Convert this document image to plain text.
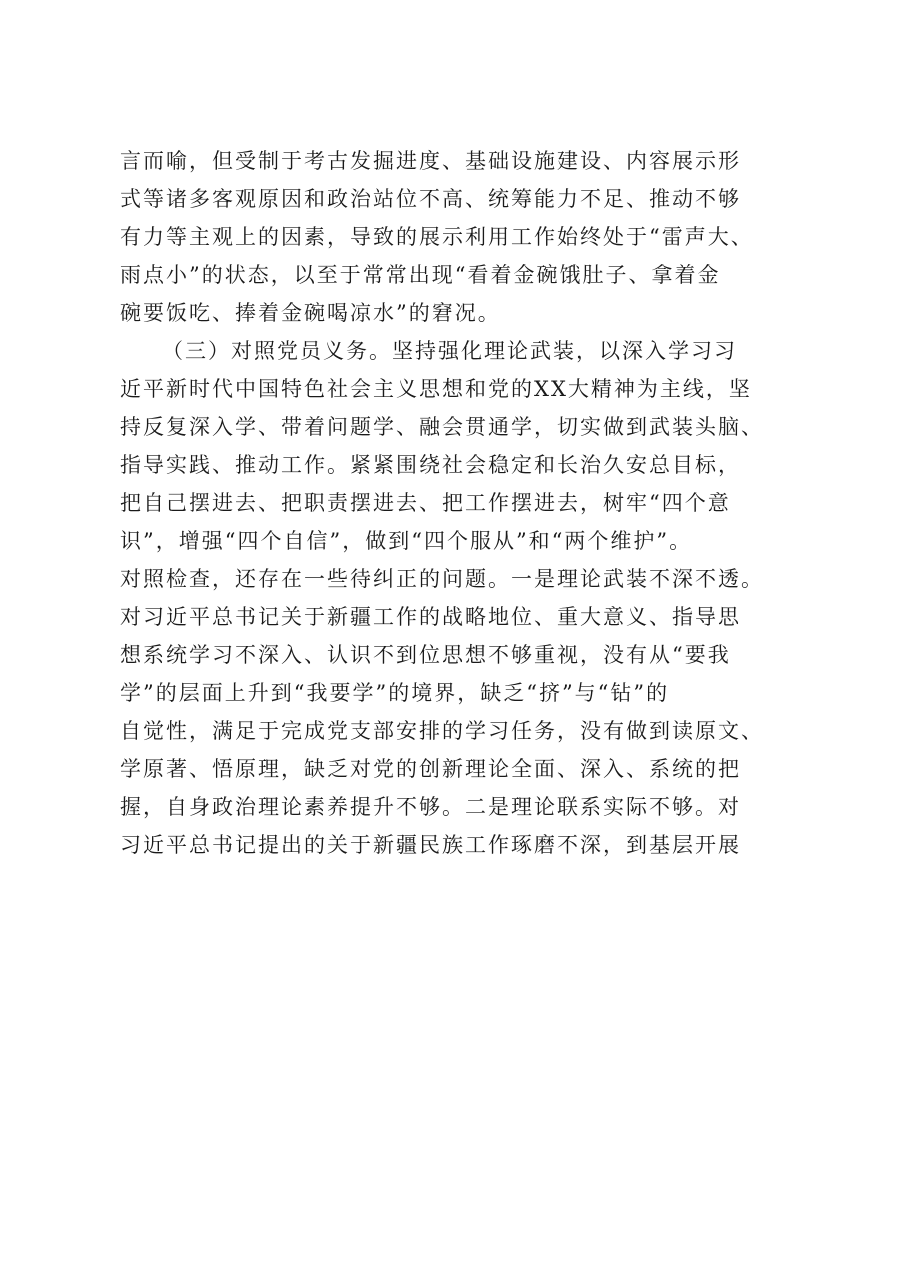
言而喻，但受制于考古发掘进度、基础设施建设、内容展示形
式等诸多客观原因和政治站位不高、统筹能力不足、推动不够
有力等主观上的因素，导致的展示利用工作始终处于“雷声大、
雨点小”的状态，以至于常常出现“看着金碗饿肚子、拿着金
碗要饭吃、捧着金碗喝凉水”的窘况。
（三）对照党员义务。坚持强化理论武装，以深入学习习
近平新时代中国特色社会主义思想和党的XX大精神为主线，坚
持反复深入学、带着问题学、融会贯通学，切实做到武装头脑、
指导实践、推动工作。紧紧围绕社会稳定和长治久安总目标，
把自己摆进去、把职责摆进去、把工作摆进去，树牢“四个意
识”，增强“四个自信”，做到“四个服从”和“两个维护”。
对照检查，还存在一些待纠正的问题。一是理论武装不深不透。
对习近平总书记关于新疆工作的战略地位、重大意义、指导思
想系统学习不深入、认识不到位思想不够重视，没有从“要我
学”的层面上升到“我要学”的境界，缺乏“挤”与“钻”的
自觉性，满足于完成党支部安排的学习任务，没有做到读原文、
学原著、悟原理，缺乏对党的创新理论全面、深入、系统的把
握，自身政治理论素养提升不够。二是理论联系实际不够。对
习近平总书记提出的关于新疆民族工作琢磨不深，到基层开展
